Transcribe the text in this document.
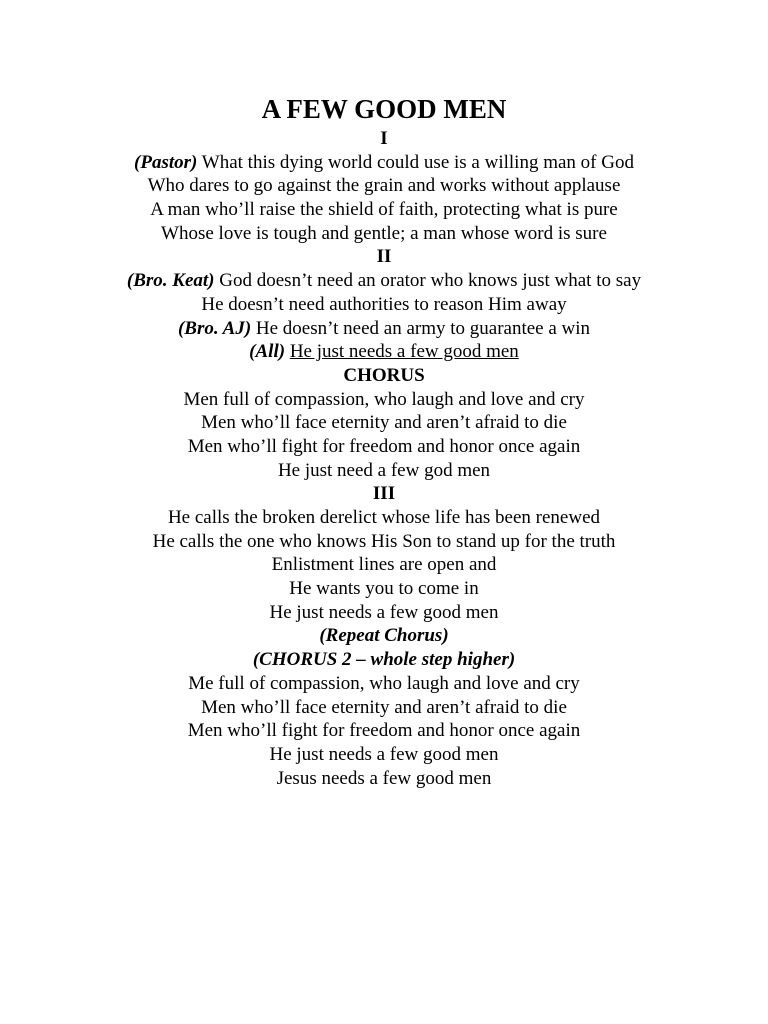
A FEW GOOD MEN
I
(Pastor) What this dying world could use is a willing man of God
Who dares to go against the grain and works without applause
A man who’ll raise the shield of faith, protecting what is pure
Whose love is tough and gentle; a man whose word is sure
II
(Bro. Keat) God doesn’t need an orator who knows just what to say
He doesn’t need authorities to reason Him away
(Bro. AJ) He doesn’t need an army to guarantee a win
(All) He just needs a few good men
CHORUS
Men full of compassion, who laugh and love and cry
Men who’ll face eternity and aren’t afraid to die
Men who’ll fight for freedom and honor once again
He just need a few god men
III
He calls the broken derelict whose life has been renewed
He calls the one who knows His Son to stand up for the truth
Enlistment lines are open and
He wants you to come in
He just needs a few good men
(Repeat Chorus)
(CHORUS 2 – whole step higher)
Me full of compassion, who laugh and love and cry
Men who’ll face eternity and aren’t afraid to die
Men who’ll fight for freedom and honor once again
He just needs a few good men
Jesus needs a few good men
